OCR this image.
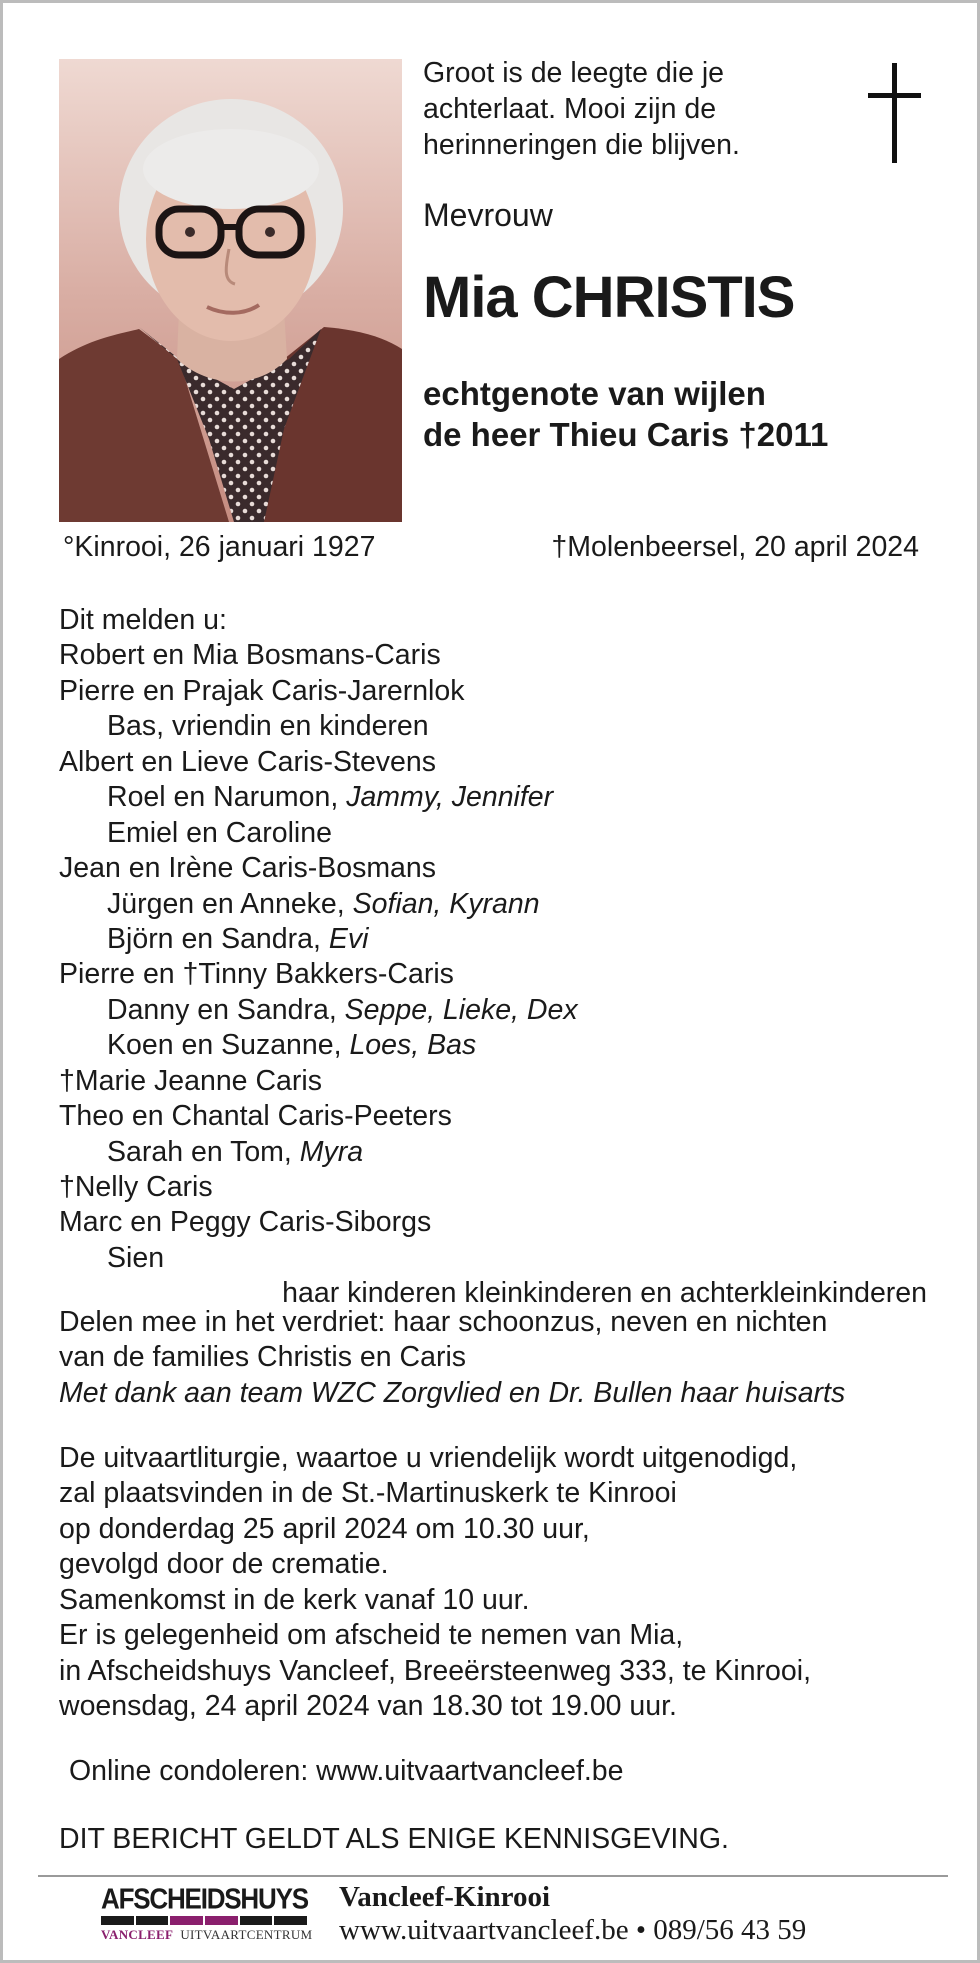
Groot is de leegte die je
achterlaat. Mooi zijn de
herinneringen die blijven.
Mevrouw
Mia CHRISTIS
echtgenote van wijlen
de heer Thieu Caris †2011
°Kinrooi, 26 januari 1927	†Molenbeersel, 20 april 2024
Dit melden u:
Robert en Mia Bosmans-Caris
Pierre en Prajak Caris-Jarernlok
Bas, vriendin en kinderen
Albert en Lieve Caris-Stevens
Roel en Narumon, Jammy, Jennifer
Emiel en Caroline
Jean en Irène Caris-Bosmans
Jürgen en Anneke, Sofian, Kyrann
Björn en Sandra, Evi
Pierre en †Tinny Bakkers-Caris
Danny en Sandra, Seppe, Lieke, Dex
Koen en Suzanne, Loes, Bas
†Marie Jeanne Caris
Theo en Chantal Caris-Peeters
Sarah en Tom, Myra
†Nelly Caris
Marc en Peggy Caris-Siborgs
Sien
haar kinderen kleinkinderen en achterkleinkinderen
Delen mee in het verdriet: haar schoonzus, neven en nichten
van de families Christis en Caris
Met dank aan team WZC Zorgvlied en Dr. Bullen haar huisarts
De uitvaartliturgie, waartoe u vriendelijk wordt uitgenodigd,
zal plaatsvinden in de St.-Martinuskerk te Kinrooi
op donderdag 25 april 2024 om 10.30 uur,
gevolgd door de crematie.
Samenkomst in de kerk vanaf 10 uur.
Er is gelegenheid om afscheid te nemen van Mia,
in Afscheidshuys Vancleef, Breeërsteenweg 333, te Kinrooi,
woensdag, 24 april 2024 van 18.30 tot 19.00 uur.
Online condoleren: www.uitvaartvancleef.be
DIT BERICHT GELDT ALS ENIGE KENNISGEVING.
AFSCHEIDSHUYS
VANCLEEF UITVAARTCENTRUM
Vancleef-Kinrooi
www.uitvaartvancleef.be • 089/56 43 59
